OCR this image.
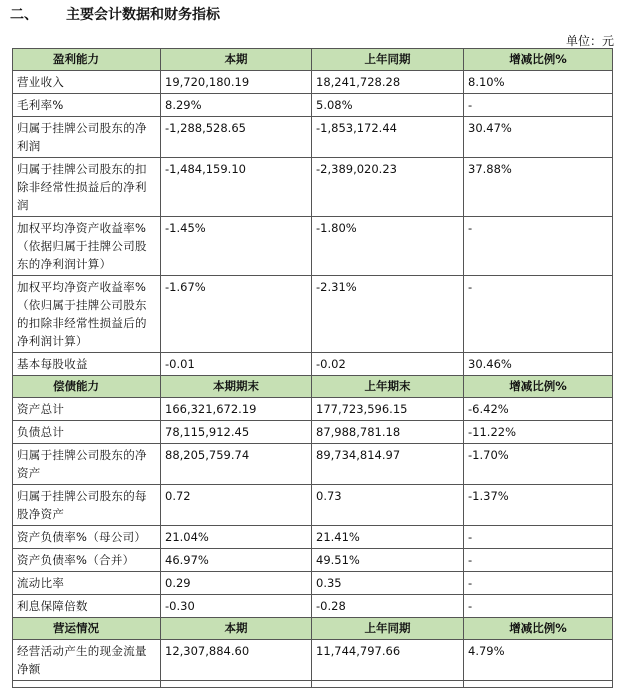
二、 主要会计数据和财务指标
单位：元
盈利能力	本期	上年同期	增减比例%
营业收入	19,720,180.19	18,241,728.28	8.10%
毛利率%	8.29%	5.08%	-
归属于挂牌公司股东的净利润	-1,288,528.65	-1,853,172.44	30.47%
归属于挂牌公司股东的扣除非经常性损益后的净利润	-1,484,159.10	-2,389,020.23	37.88%
加权平均净资产收益率%（依据归属于挂牌公司股东的净利润计算）	-1.45%	-1.80%	-
加权平均净资产收益率%（依归属于挂牌公司股东的扣除非经常性损益后的净利润计算）	-1.67%	-2.31%	-
基本每股收益	-0.01	-0.02	30.46%
偿债能力	本期期末	上年期末	增减比例%
资产总计	166,321,672.19	177,723,596.15	-6.42%
负债总计	78,115,912.45	87,988,781.18	-11.22%
归属于挂牌公司股东的净资产	88,205,759.74	89,734,814.97	-1.70%
归属于挂牌公司股东的每股净资产	0.72	0.73	-1.37%
资产负债率%（母公司）	21.04%	21.41%	-
资产负债率%（合并）	46.97%	49.51%	-
流动比率	0.29	0.35	-
利息保障倍数	-0.30	-0.28	-
营运情况	本期	上年同期	增减比例%
经营活动产生的现金流量净额	12,307,884.60	11,744,797.66	4.79%
